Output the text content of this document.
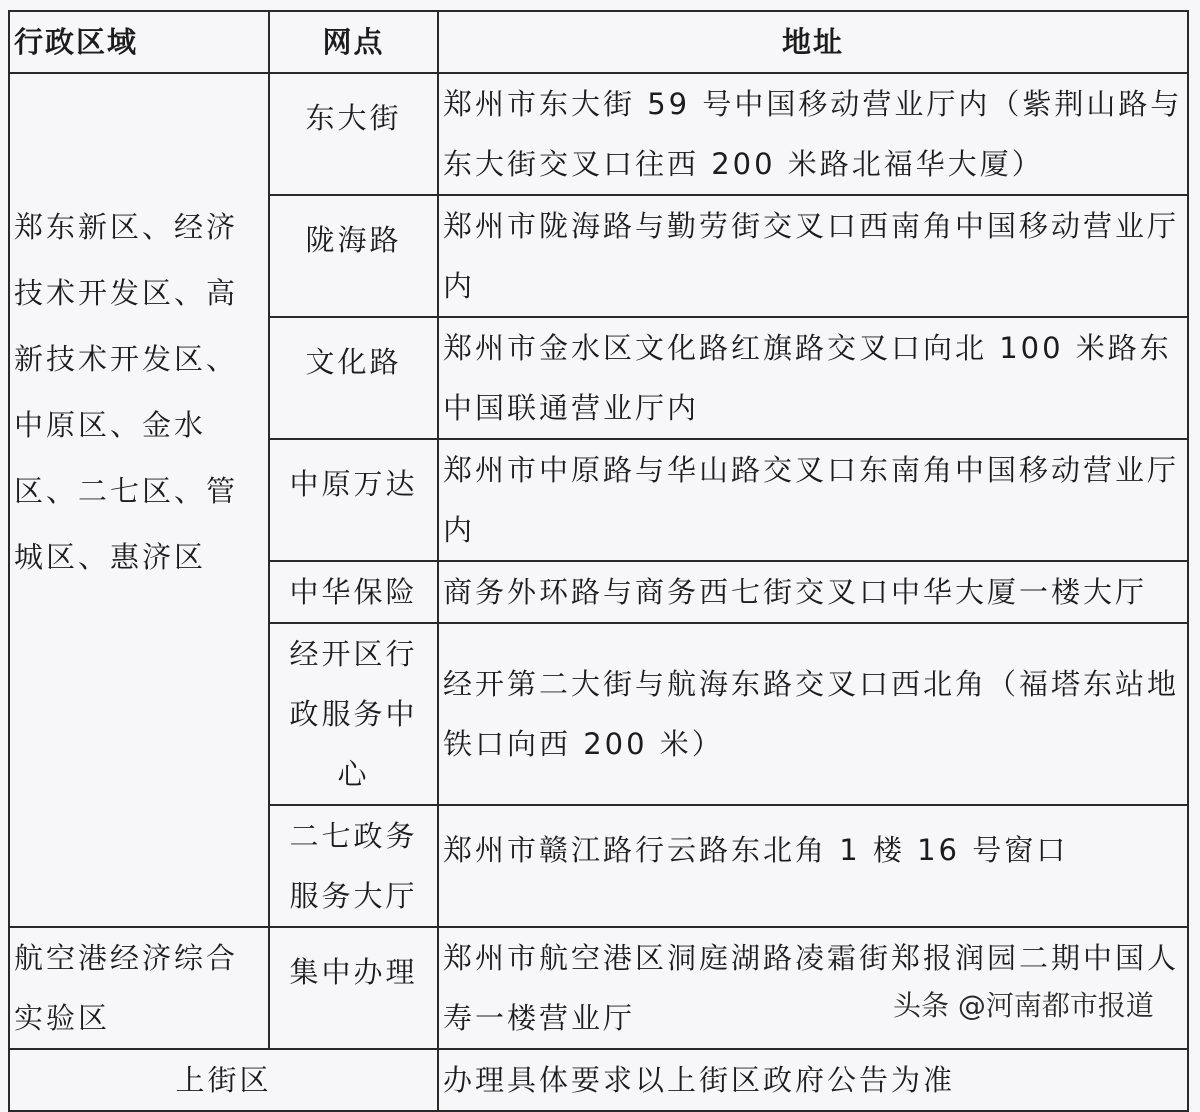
行政区域	网点	地址
郑东新区、经济技术开发区、高新技术开发区、中原区、金水区、二七区、管城区、惠济区	东大街	郑州市东大街 59 号中国移动营业厅内（紫荆山路与东大街交叉口往西 200 米路北福华大厦）
	陇海路	郑州市陇海路与勤劳街交叉口西南角中国移动营业厅内
	文化路	郑州市金水区文化路红旗路交叉口向北 100 米路东中国联通营业厅内
	中原万达	郑州市中原路与华山路交叉口东南角中国移动营业厅内
	中华保险	商务外环路与商务西七街交叉口中华大厦一楼大厅
	经开区行政服务中心	经开第二大街与航海东路交叉口西北角（福塔东站地铁口向西 200 米）
	二七政务服务大厅	郑州市赣江路行云路东北角 1 楼 16 号窗口
航空港经济综合实验区	集中办理	郑州市航空港区洞庭湖路凌霜街郑报润园二期中国人寿一楼营业厅
上街区		办理具体要求以上街区政府公告为准
头条 @河南都市报道
